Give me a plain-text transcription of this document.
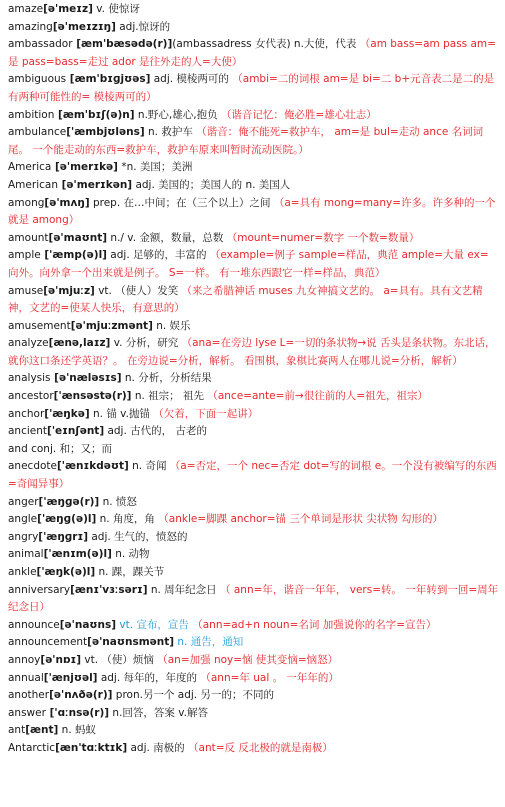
amaze[ə'meɪz] v. 使惊讶

amazing[ə'meɪzɪŋ] adj.惊讶的

ambassador [æm'bæsədə(r)](ambassadress 女代表) n.大使，代表 （am bass=am pass am=是 pass=bass=走过 ador 是往外走的人=大使）

ambiguous [æm'bɪɡjʊəs] adj. 模棱两可的 （ambi=二的词根 am=是 bi=二 b+元音表二是二的是有两种可能性的= 模棱两可的）

ambition [æm'bɪʃ(ə)n] n.野心,雄心,抱负 （谐音记忆：俺必胜=雄心壮志）

ambulance['æmbjʊləns] n. 救护车 （谐音：俺不能死=救护车， am=是 bul=走动 ance 名词词尾。 一个能走动的东西=救护车，救护车原来叫暂时流动医院。）

America [ə'merɪkə] *n. 美国；美洲

American [ə'merɪkən] adj. 美国的；美国人的 n. 美国人

among[ə'mʌŋ] prep. 在…中间；在（三个以上）之间 （a=具有 mong=many=许多。许多种的一个就是 among）

amount[ə'maʊnt] n./ v. 金额，数量，总数 （mount=numer=数字 一个数=数量）

ample ['æmp(ə)l] adj. 足够的，丰富的 （example=例子 sample=样品，典范 ample=大量 ex=向外。向外拿一个出来就是例子。 S=一样。 有一堆东西跟它一样=样品，典范）

amuse[ə'mjuːz] vt. （使人）发笑 （来之希腊神话 muses 九女神搞文艺的。 a=具有。具有文艺精神，文艺的=使某人快乐，有意思的）

amusement[ə'mjuːzmənt] n. 娱乐

analyze[ænə,laɪz] v. 分析，研究 （ana=在旁边 lyse L=一切的条状物→说 舌头是条状物。东北话，就你这口条还学英语？。 在旁边说=分析，解析。 看围棋，象棋比赛两人在哪儿说=分析，解析）

analysis [ə'næləsɪs] n. 分析，分析结果

ancestor['ænsəstə(r)] n. 祖宗； 祖先 （ance=ante=前→很往前的人=祖先，祖宗）

anchor['æŋkə] n. 锚 v.抛锚 （欠着，下面一起讲）

ancient['eɪnʃənt] adj. 古代的， 古老的

and conj. 和；又；而

anecdote['ænɪkdəʊt] n. 奇闻 （a=否定，一个 nec=否定 dot=写的词根 e。一个没有被编写的东西=奇闻异事）

anger['æŋɡə(r)] n. 愤怒

angle['æŋɡ(ə)l] n. 角度，角 （ankle=脚踝 anchor=锚 三个单词是形状 尖状物 勾形的）

angry['æŋɡrɪ] adj. 生气的，愤怒的

animal['ænɪm(ə)l] n. 动物

ankle['æŋk(ə)l] n. 踝，踝关节

anniversary[ænɪ'vɜːsərɪ] n. 周年纪念日 （ ann=年，谐音一年年， vers=转。 一年转到一回=周年纪念日）

announce[ə'naʊns] vt. 宣布，宣告 （ann=ad+n noun=名词 加强说你的名字=宣告）

announcement[ə'naʊnsmənt] n. 通告，通知

annoy[ə'nɒɪ] vt. （使）烦恼 （an=加强 noy=恼 使其变恼=恼怒）

annual['ænjʊəl] adj. 每年的，年度的 （ann=年 ual 。 一年年的）

another[ə'nʌðə(r)] pron.另一个 adj. 另一的；不同的

answer ['ɑːnsə(r)] n.回答，答案 v.解答

ant[ænt] n. 蚂蚁

Antarctic[æn'tɑːktɪk] adj. 南极的 （ant=反 反北极的就是南极）
